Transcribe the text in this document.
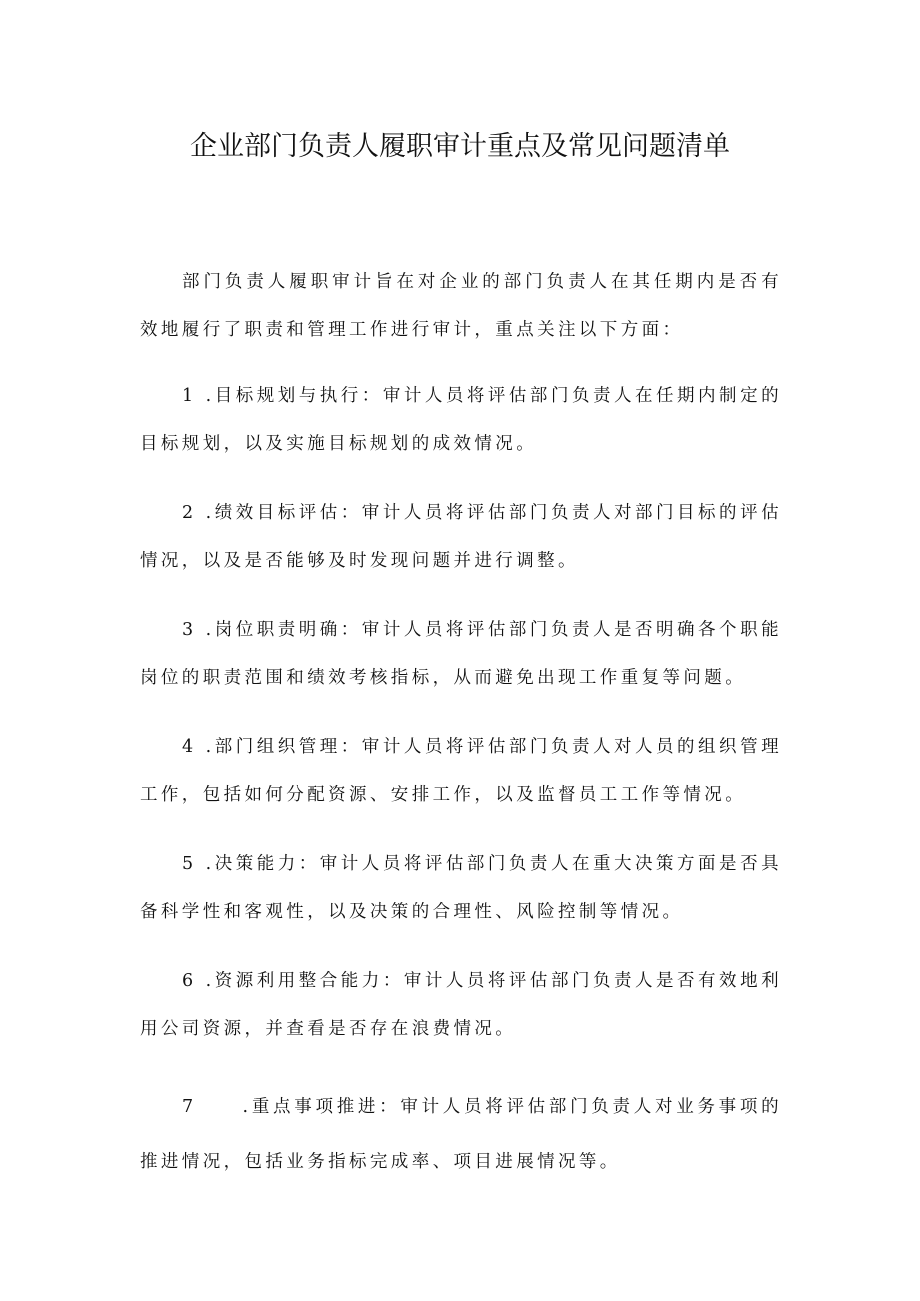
企业部门负责人履职审计重点及常见问题清单

部门负责人履职审计旨在对企业的部门负责人在其任期内是否有效地履行了职责和管理工作进行审计，重点关注以下方面：

1 .目标规划与执行：审计人员将评估部门负责人在任期内制定的目标规划，以及实施目标规划的成效情况。

2 .绩效目标评估：审计人员将评估部门负责人对部门目标的评估情况，以及是否能够及时发现问题并进行调整。

3 .岗位职责明确：审计人员将评估部门负责人是否明确各个职能岗位的职责范围和绩效考核指标，从而避免出现工作重复等问题。

4 .部门组织管理：审计人员将评估部门负责人对人员的组织管理工作，包括如何分配资源、安排工作，以及监督员工工作等情况。

5 .决策能力：审计人员将评估部门负责人在重大决策方面是否具备科学性和客观性，以及决策的合理性、风险控制等情况。

6 .资源利用整合能力：审计人员将评估部门负责人是否有效地利用公司资源，并查看是否存在浪费情况。

7	.重点事项推进：审计人员将评估部门负责人对业务事项的推进情况，包括业务指标完成率、项目进展情况等。
